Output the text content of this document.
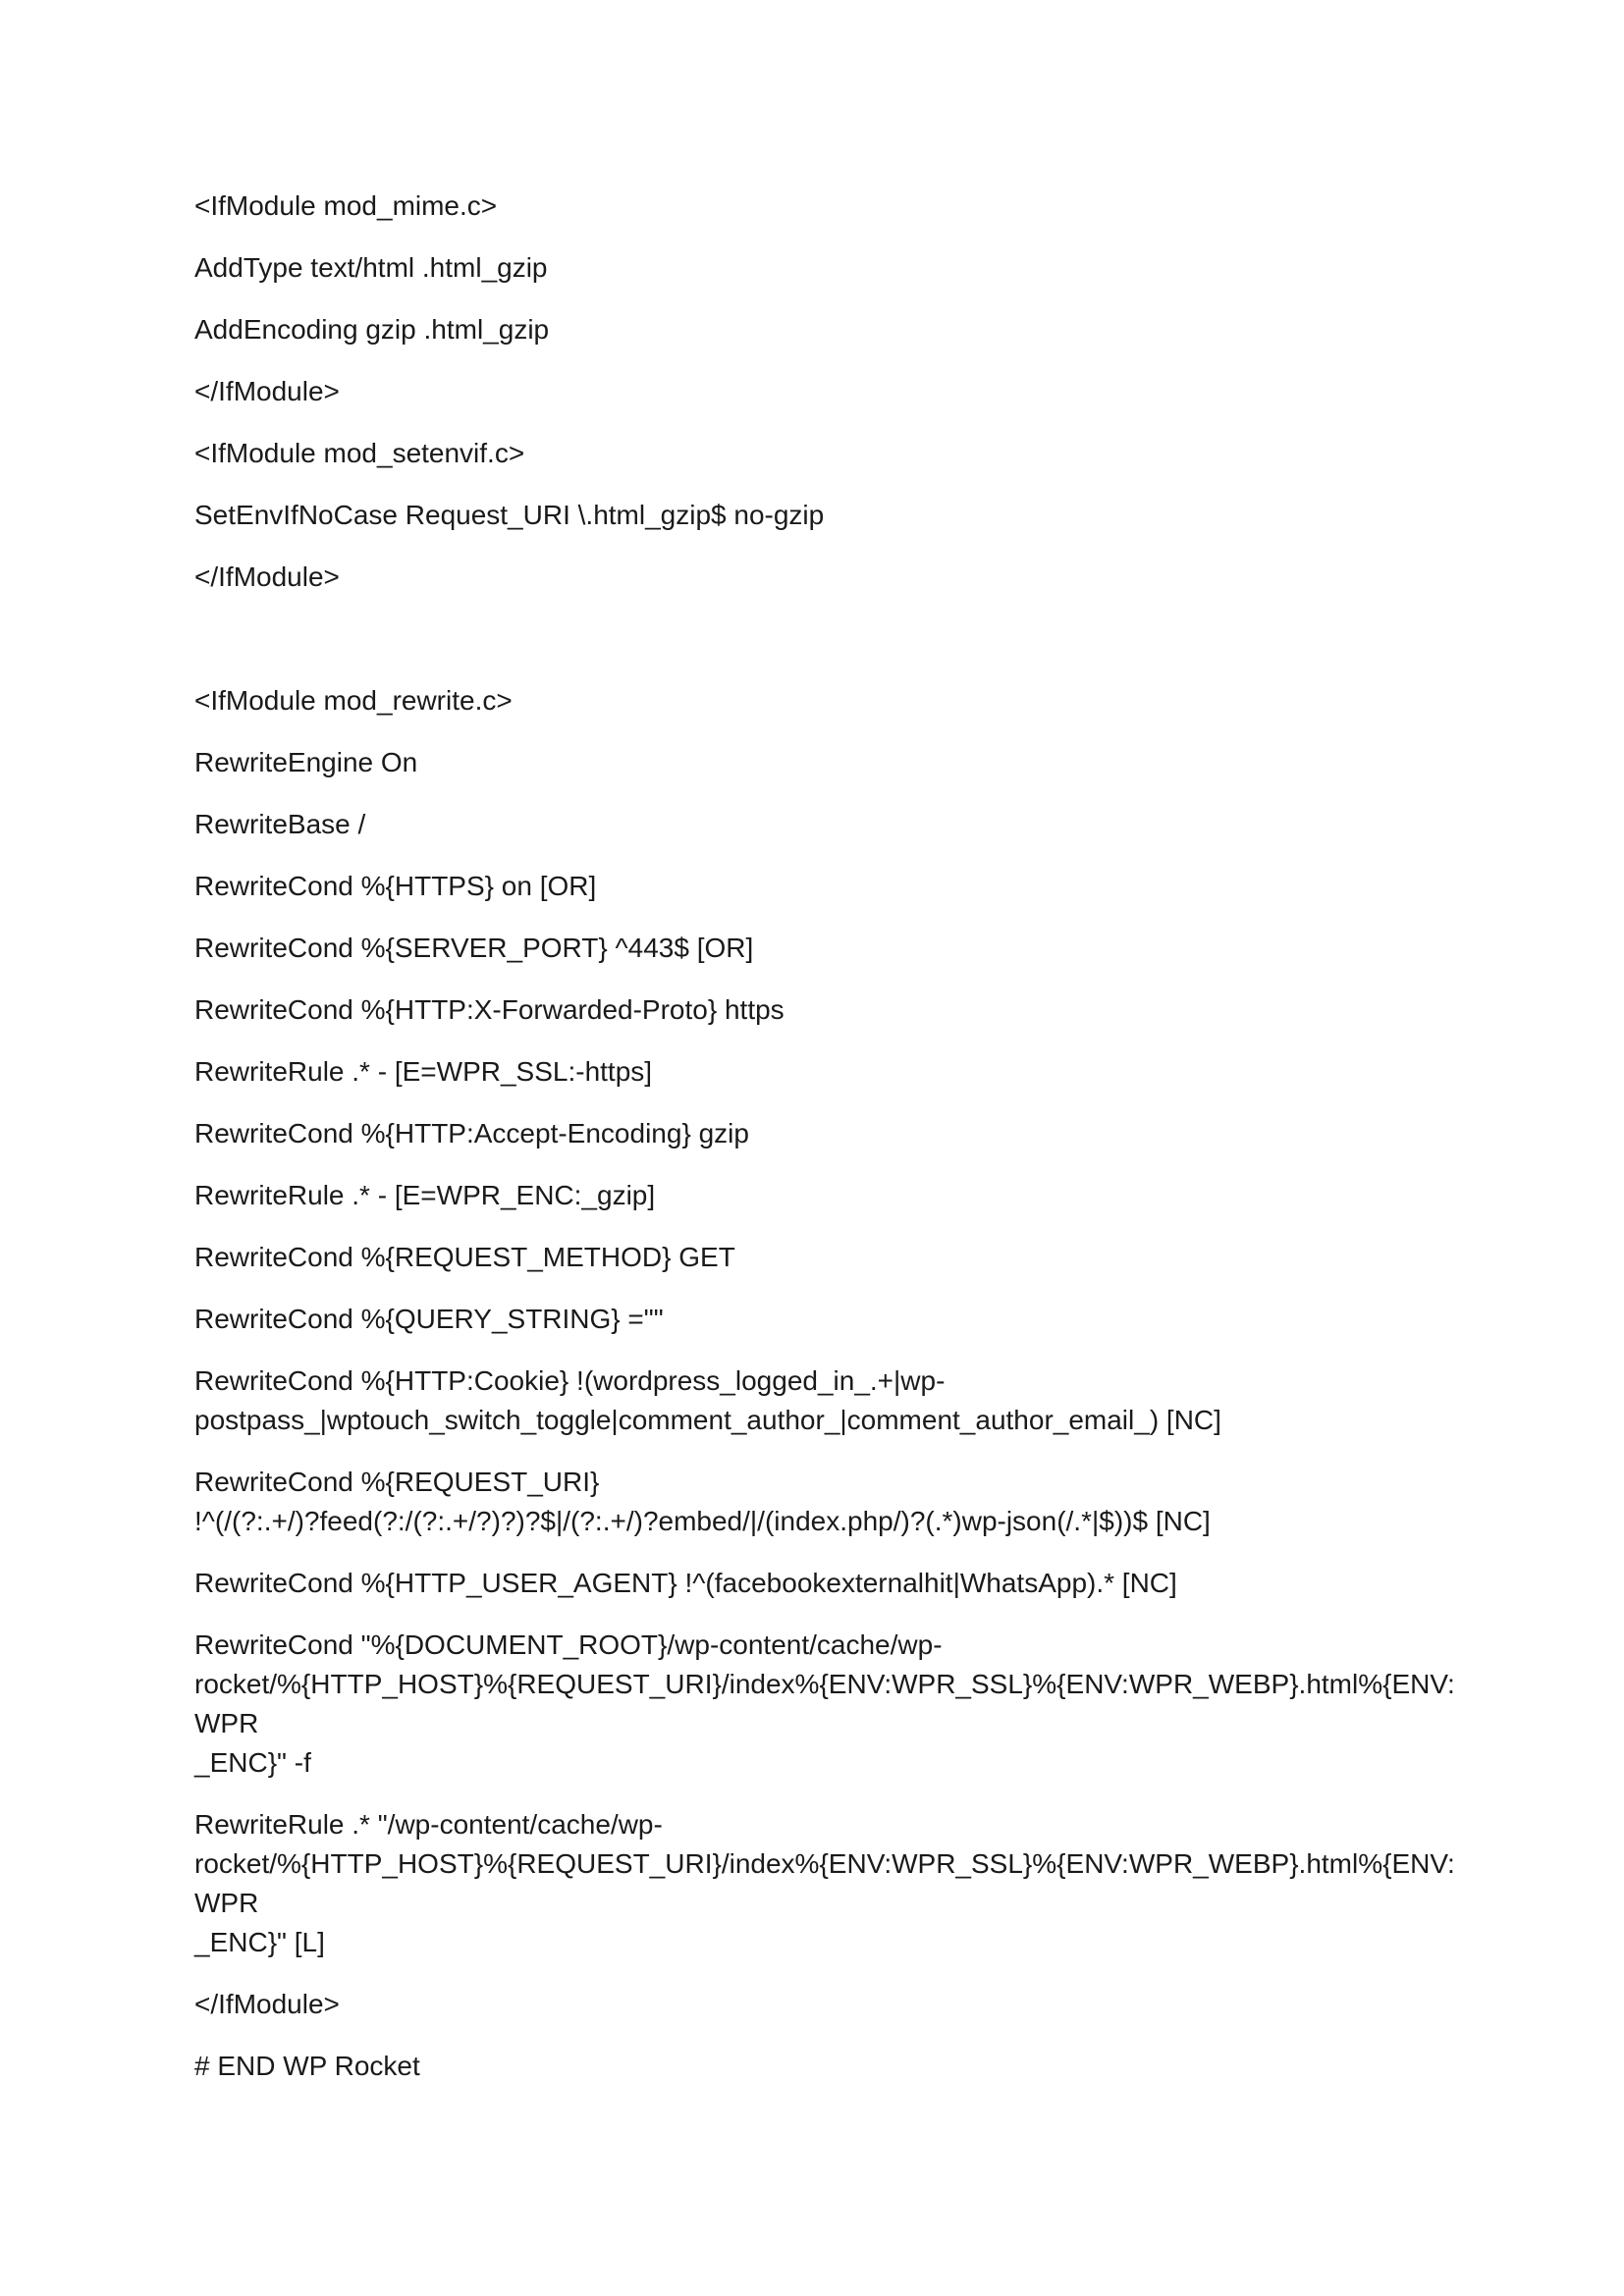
<IfModule mod_mime.c>

AddType text/html .html_gzip

AddEncoding gzip .html_gzip

</IfModule>

<IfModule mod_setenvif.c>

SetEnvIfNoCase Request_URI \.html_gzip$ no-gzip

</IfModule>

<IfModule mod_rewrite.c>

RewriteEngine On

RewriteBase /

RewriteCond %{HTTPS} on [OR]

RewriteCond %{SERVER_PORT} ^443$ [OR]

RewriteCond %{HTTP:X-Forwarded-Proto} https

RewriteRule .* - [E=WPR_SSL:-https]

RewriteCond %{HTTP:Accept-Encoding} gzip

RewriteRule .* - [E=WPR_ENC:_gzip]

RewriteCond %{REQUEST_METHOD} GET

RewriteCond %{QUERY_STRING} =""

RewriteCond %{HTTP:Cookie} !(wordpress_logged_in_.+|wp-
postpass_|wptouch_switch_toggle|comment_author_|comment_author_email_) [NC]

RewriteCond %{REQUEST_URI}
!^(/(?:.+/)?feed(?:/(?:.+/?)?)?$|/(?:.+/)?embed/|/(index.php/)?(.*)wp-json(/.*|$))$ [NC]

RewriteCond %{HTTP_USER_AGENT} !^(facebookexternalhit|WhatsApp).* [NC]

RewriteCond "%{DOCUMENT_ROOT}/wp-content/cache/wp-
rocket/%{HTTP_HOST}%{REQUEST_URI}/index%{ENV:WPR_SSL}%{ENV:WPR_WEBP}.html%{ENV:WPR
_ENC}" -f

RewriteRule .* "/wp-content/cache/wp-
rocket/%{HTTP_HOST}%{REQUEST_URI}/index%{ENV:WPR_SSL}%{ENV:WPR_WEBP}.html%{ENV:WPR
_ENC}" [L]

</IfModule>

# END WP Rocket
